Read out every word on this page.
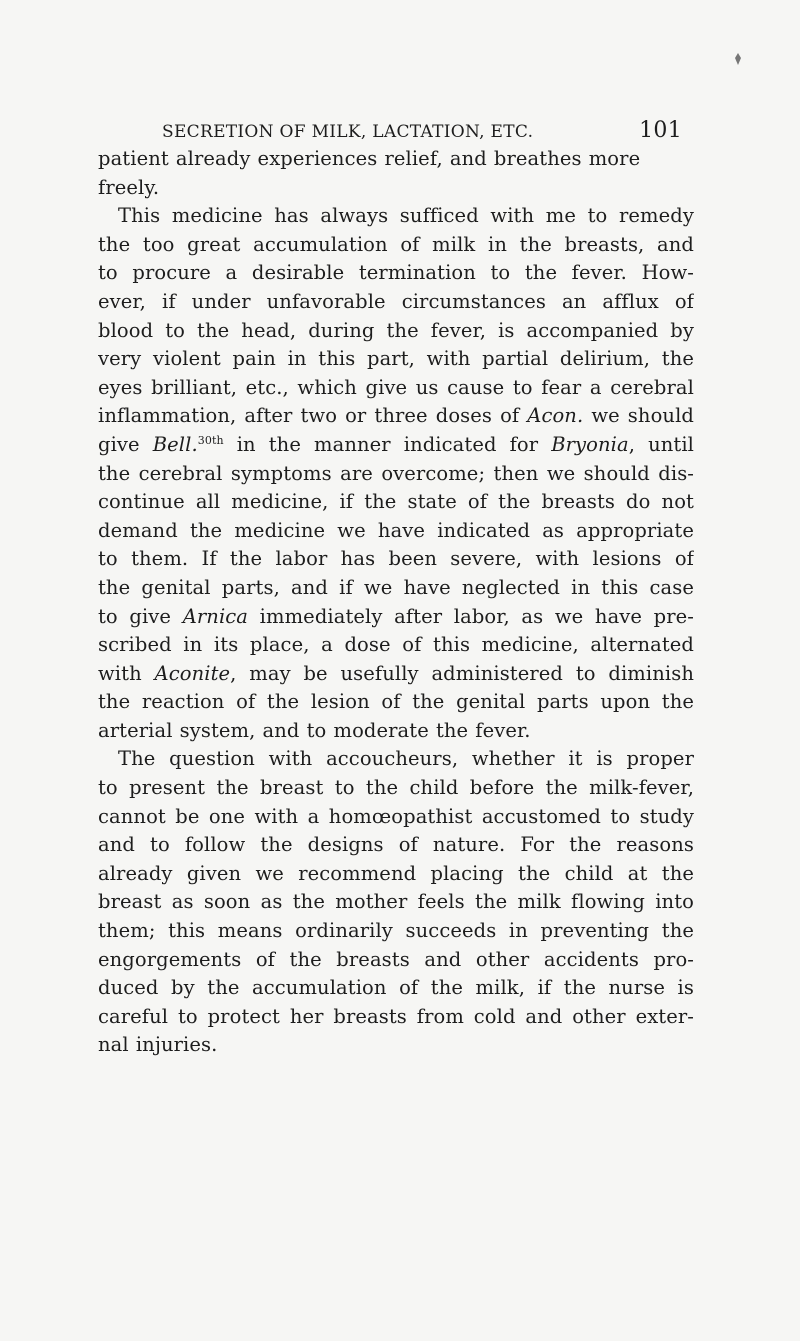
SECRETION OF MILK, LACTATION, ETC.	101
patient already experiences relief, and breathes more
freely.
This medicine has always sufficed with me to remedy
the too great accumulation of milk in the breasts, and
to procure a desirable termination to the fever. How-
ever, if under unfavorable circumstances an afflux of
blood to the head, during the fever, is accompanied by
very violent pain in this part, with partial delirium, the
eyes brilliant, etc., which give us cause to fear a cerebral
inflammation, after two or three doses of Acon. we should
give Bell.$^{30th}$ in the manner indicated for Bryonia, until
the cerebral symptoms are overcome; then we should dis-
continue all medicine, if the state of the breasts do not
demand the medicine we have indicated as appropriate
to them. If the labor has been severe, with lesions of
the genital parts, and if we have neglected in this case
to give Arnica immediately after labor, as we have pre-
scribed in its place, a dose of this medicine, alternated
with Aconite, may be usefully administered to diminish
the reaction of the lesion of the genital parts upon the
arterial system, and to moderate the fever.
The question with accoucheurs, whether it is proper
to present the breast to the child before the milk-fever,
cannot be one with a homœopathist accustomed to study
and to follow the designs of nature. For the reasons
already given we recommend placing the child at the
breast as soon as the mother feels the milk flowing into
them; this means ordinarily succeeds in preventing the
engorgements of the breasts and other accidents pro-
duced by the accumulation of the milk, if the nurse is
careful to protect her breasts from cold and other exter-
nal injuries.
